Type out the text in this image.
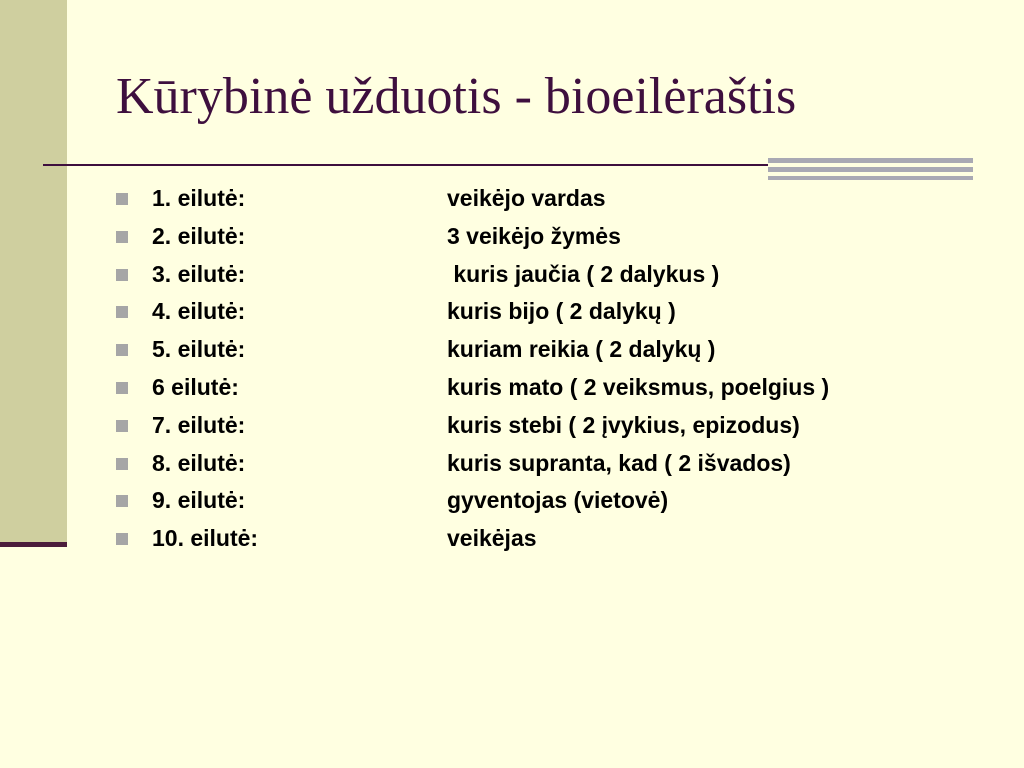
Kūrybinė užduotis - bioeilėraštis
1. eilutė:	veikėjo vardas
2. eilutė:	3 veikėjo žymės
3. eilutė:	kuris jaučia ( 2 dalykus )
4. eilutė:	kuris bijo ( 2 dalykų )
5. eilutė:	kuriam reikia ( 2 dalykų )
6 eilutė:	kuris mato ( 2 veiksmus, poelgius )
7. eilutė:	kuris stebi ( 2 įvykius, epizodus)
8. eilutė:	kuris supranta, kad ( 2 išvados)
9. eilutė:	gyventojas (vietovė)
10. eilutė:	veikėjas
